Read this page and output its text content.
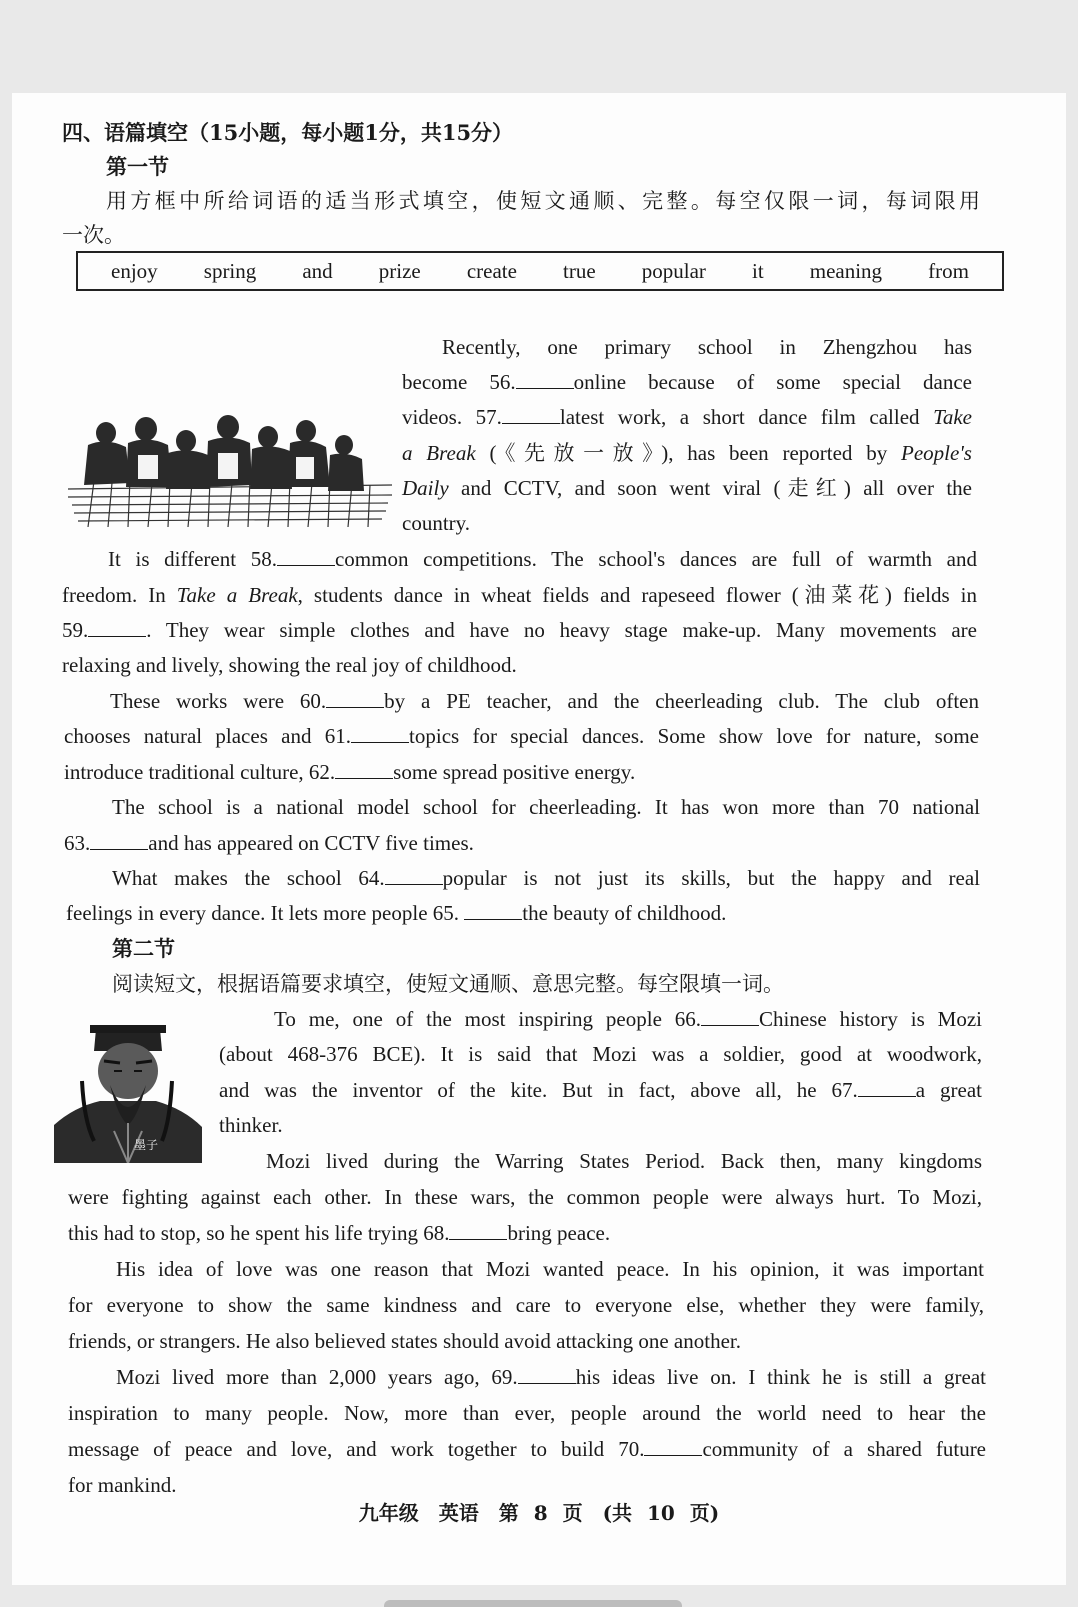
四、语篇填空（15小题，每小题1分，共15分）
第一节
用方框中所给词语的适当形式填空，使短文通顺、完整。每空仅限一词，每词限用
一次。
enjoy spring and prize create true popular it meaning from
Recently, one primary school in Zhengzhou has
become 56.	online because of some special dance
videos. 57.	latest work, a short dance film called Take
a Break (《先放一放》), has been reported by People's
Daily and CCTV, and soon went viral (走红) all over the
country.
It is different 58.	common competitions. The school's dances are full of warmth and
freedom. In Take a Break, students dance in wheat fields and rapeseed flower (油菜花) fields in
59.	. They wear simple clothes and have no heavy stage make-up. Many movements are
relaxing and lively, showing the real joy of childhood.
These works were 60.	by a PE teacher, and the cheerleading club. The club often
chooses natural places and 61.	topics for special dances. Some show love for nature, some
introduce traditional culture, 62.	some spread positive energy.
The school is a national model school for cheerleading. It has won more than 70 national
63.	and has appeared on CCTV five times.
What makes the school 64.	popular is not just its skills, but the happy and real
feelings in every dance. It lets more people 65.	the beauty of childhood.
第二节
阅读短文，根据语篇要求填空，使短文通顺、意思完整。每空限填一词。
墨子
To me, one of the most inspiring people 66.	Chinese history is Mozi
(about 468-376 BCE). It is said that Mozi was a soldier, good at woodwork,
and was the inventor of the kite. But in fact, above all, he 67.	a great
thinker.
Mozi lived during the Warring States Period. Back then, many kingdoms
were fighting against each other. In these wars, the common people were always hurt. To Mozi,
this had to stop, so he spent his life trying 68.	bring peace.
His idea of love was one reason that Mozi wanted peace. In his opinion, it was important
for everyone to show the same kindness and care to everyone else, whether they were family,
friends, or strangers. He also believed states should avoid attacking one another.
Mozi lived more than 2,000 years ago, 69.	his ideas live on. I think he is still a great
inspiration to many people. Now, more than ever, people around the world need to hear the
message of peace and love, and work together to build 70.	community of a shared future
for mankind.
九年级　英语　第 8 页　(共 10 页)
